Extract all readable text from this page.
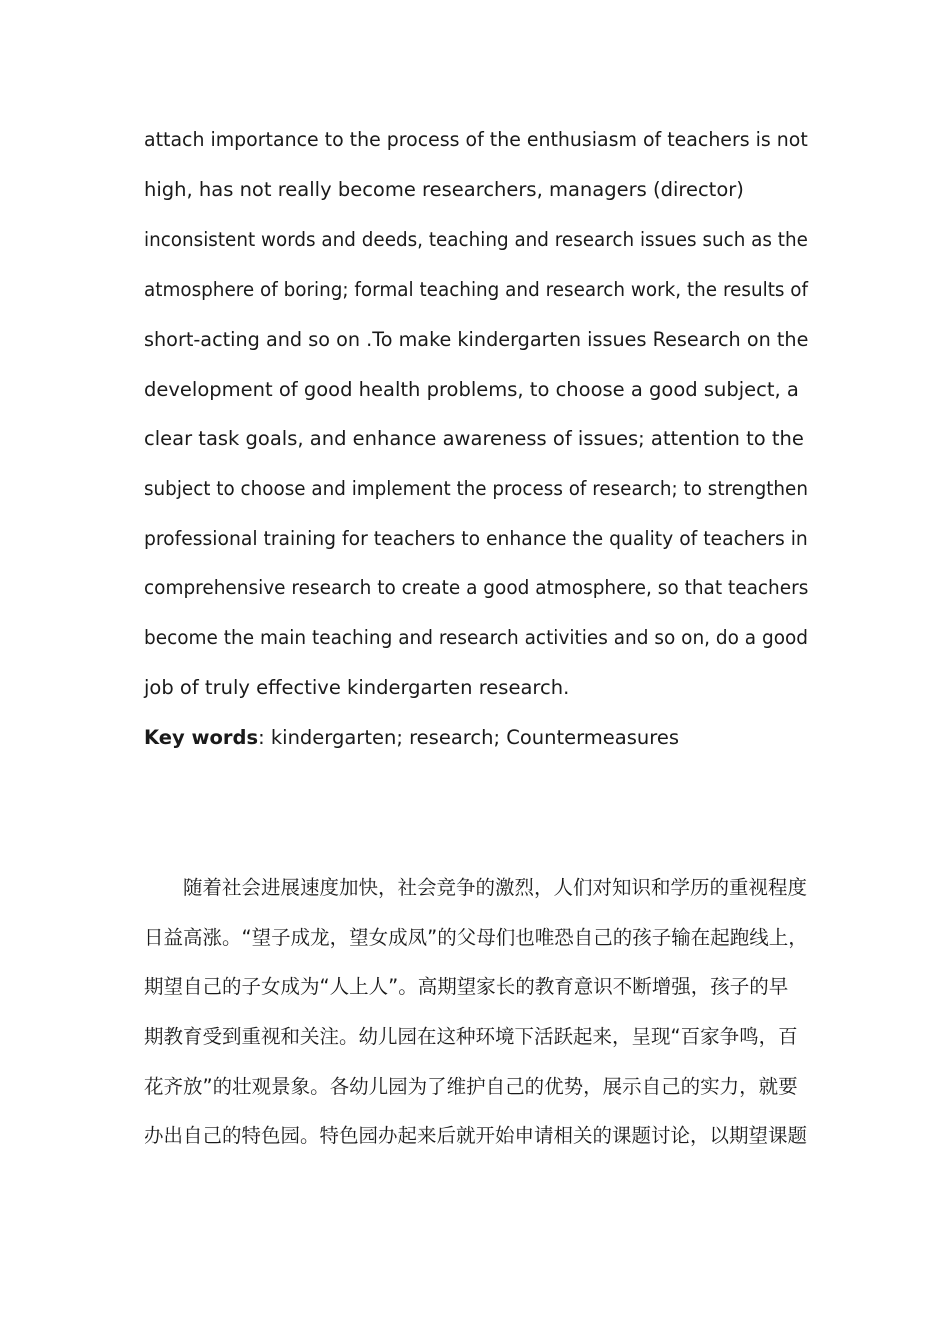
attach importance to the process of the enthusiasm of teachers is not
high, has not really become researchers, managers (director)
inconsistent words and deeds, teaching and research issues such as the
atmosphere of boring; formal teaching and research work, the results of
short-acting and so on .To make kindergarten issues Research on the
development of good health problems, to choose a good subject, a
clear task goals, and enhance awareness of issues; attention to the
subject to choose and implement the process of research; to strengthen
professional training for teachers to enhance the quality of teachers in
comprehensive research to create a good atmosphere, so that teachers
become the main teaching and research activities and so on, do a good
job of truly effective kindergarten research.
Key words: kindergarten; research; Countermeasures
随着社会进展速度加快，社会竞争的激烈，人们对知识和学历的重视程度
日益高涨。“望子成龙，望女成凤”的父母们也唯恐自己的孩子输在起跑线上，
期望自己的子女成为“人上人”。高期望家长的教育意识不断增强，孩子的早
期教育受到重视和关注。幼儿园在这种环境下活跃起来，呈现“百家争鸣，百
花齐放”的壮观景象。各幼儿园为了维护自己的优势，展示自己的实力，就要
办出自己的特色园。特色园办起来后就开始申请相关的课题讨论，以期望课题
